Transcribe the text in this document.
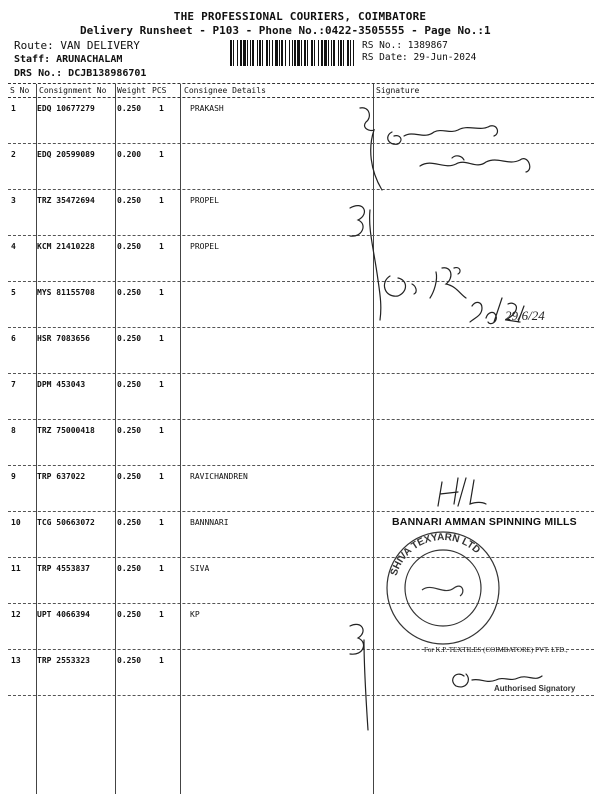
THE PROFESSIONAL COURIERS, COIMBATORE
Delivery Runsheet - P103 - Phone No.:0422-3505555 - Page No.:1
Route: VAN DELIVERY
Staff: ARUNACHALAM
DRS No.: DCJB138986701
RS No.: 1389867
RS Date: 29-Jun-2024
S No Consignment No Weight PCS Consignee Details	Signature
1	EDQ 10677279	0.250 1	PRAKASH
2	EDQ 20599089	0.200 1
3	TRZ 35472694	0.250 1	PROPEL
4	KCM 21410228	0.250 1	PROPEL
5	MYS 81155708	0.250 1
6	HSR 7083656	0.250 1
7	DPM 453043	0.250 1
8	TRZ 75000418	0.250 1
9	TRP 637022	0.250 1	RAVICHANDREN
10 TCG 50663072	0.250 1	BANNNARI
11 TRP 4553837	0.250 1	SIVA
12 UPT 4066394	0.250 1	KP
13 TRP 2553323	0.250 1
BANNARI AMMAN SPINNING MILLS
For K.P. TEXTILES (COIMBATORE) PVT. LTD.,
Authorised Signatory
SHIVA TEXYARN LTD
29/6/24
H/L
